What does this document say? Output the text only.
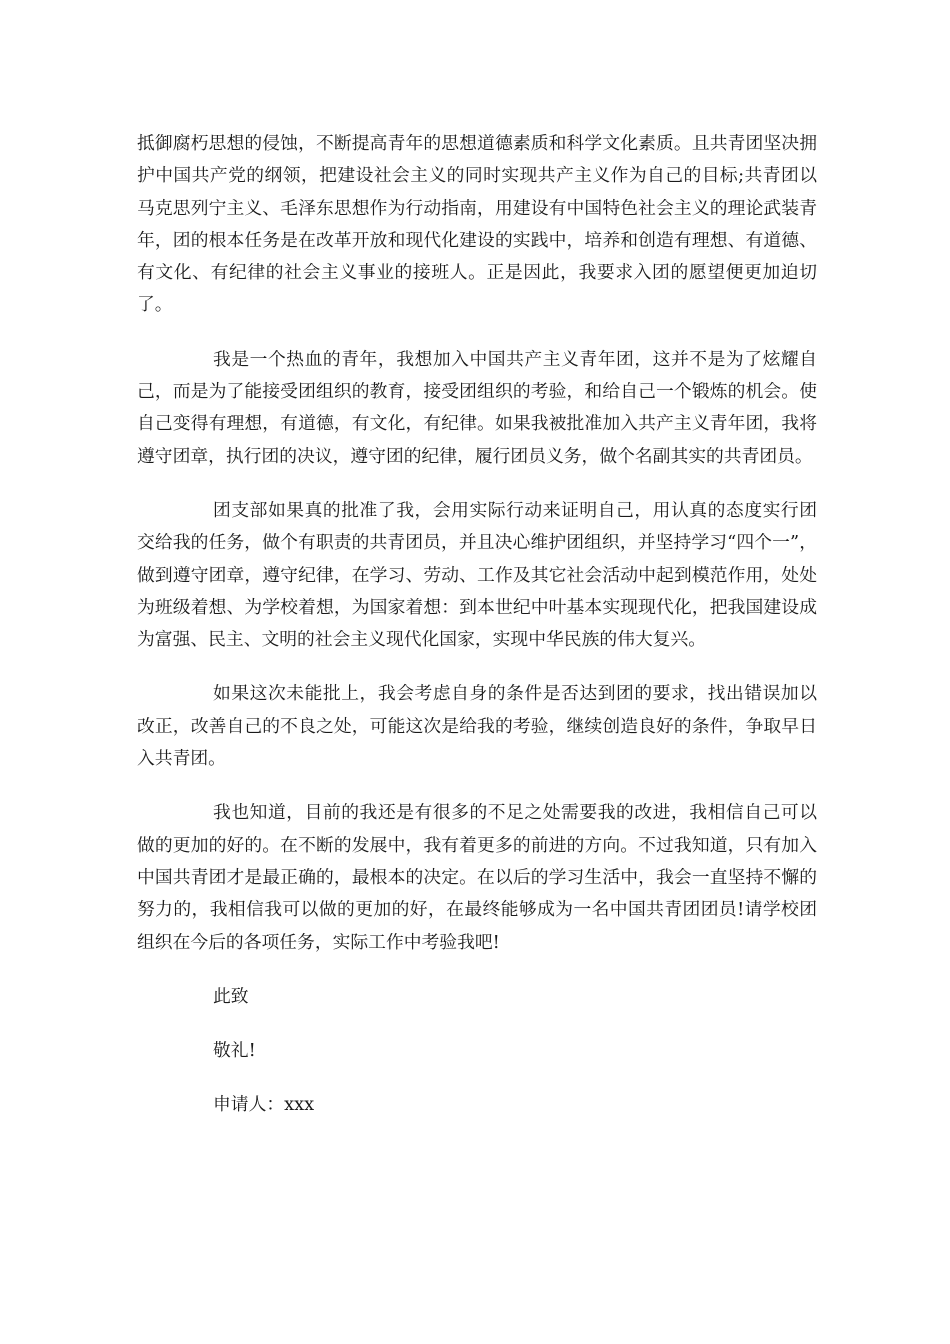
抵御腐朽思想的侵蚀，不断提高青年的思想道德素质和科学文化素质。且共青团坚决拥护中国共产党的纲领，把建设社会主义的同时实现共产主义作为自己的目标;共青团以马克思列宁主义、毛泽东思想作为行动指南，用建设有中国特色社会主义的理论武装青年，团的根本任务是在改革开放和现代化建设的实践中，培养和创造有理想、有道德、有文化、有纪律的社会主义事业的接班人。正是因此，我要求入团的愿望便更加迫切了。

我是一个热血的青年，我想加入中国共产主义青年团，这并不是为了炫耀自己，而是为了能接受团组织的教育，接受团组织的考验，和给自己一个锻炼的机会。使自己变得有理想，有道德，有文化，有纪律。如果我被批准加入共产主义青年团，我将遵守团章，执行团的决议，遵守团的纪律，履行团员义务，做个名副其实的共青团员。

团支部如果真的批准了我，会用实际行动来证明自己，用认真的态度实行团交给我的任务，做个有职责的共青团员，并且决心维护团组织，并坚持学习“四个一”，做到遵守团章，遵守纪律，在学习、劳动、工作及其它社会活动中起到模范作用，处处为班级着想、为学校着想，为国家着想：到本世纪中叶基本实现现代化，把我国建设成为富强、民主、文明的社会主义现代化国家，实现中华民族的伟大复兴。

如果这次未能批上，我会考虑自身的条件是否达到团的要求，找出错误加以改正，改善自己的不良之处，可能这次是给我的考验，继续创造良好的条件，争取早日入共青团。

我也知道，目前的我还是有很多的不足之处需要我的改进，我相信自己可以做的更加的好的。在不断的发展中，我有着更多的前进的方向。不过我知道，只有加入中国共青团才是最正确的，最根本的决定。在以后的学习生活中，我会一直坚持不懈的努力的，我相信我可以做的更加的好，在最终能够成为一名中国共青团团员!请学校团组织在今后的各项任务，实际工作中考验我吧!

此致

敬礼!

申请人：xxx
